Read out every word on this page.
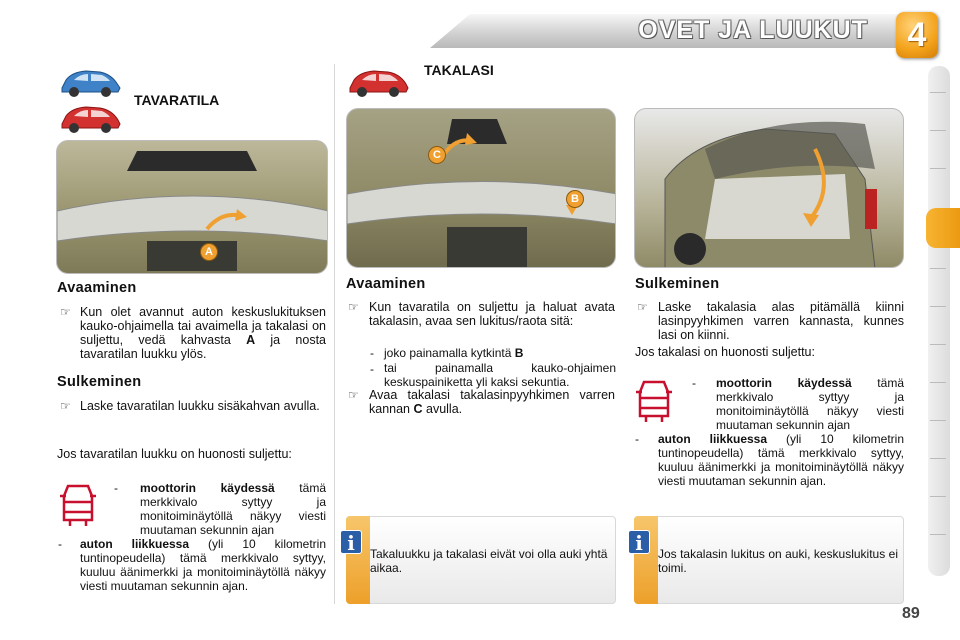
OVET JA LUUKUT	4
TAVARATILA
A
Avaaminen
☞ Kun olet avannut auton keskuslukituksen kauko-ohjaimella tai avaimella ja takalasi on suljettu, vedä kahvasta A ja nosta tavaratilan luukku ylös.
Sulkeminen
☞ Laske tavaratilan luukku sisäkahvan avulla.
Jos tavaratilan luukku on huonosti suljettu:
-	moottorin käydessä tämä merkkivalo syttyy ja monitoiminäytöllä näkyy viesti muutaman sekunnin ajan
-	auton liikkuessa (yli 10 kilometrin tuntinopeudella) tämä merkkivalo syttyy, kuuluu äänimerkki ja monitoiminäytöllä näkyy viesti muutaman sekunnin ajan.
TAKALASI
C
B
Avaaminen
☞ Kun tavaratila on suljettu ja haluat avata takalasin, avaa sen lukitus/raota sitä:
- joko painamalla kytkintä B
- tai painamalla kauko-ohjaimen keskuspainiketta yli kaksi sekuntia.
☞ Avaa takalasi takalasinpyyhkimen varren kannan C avulla.
i	Takaluukku ja takalasi eivät voi olla auki yhtä aikaa.
Sulkeminen
☞ Laske takalasia alas pitämällä kiinni lasinpyyhkimen varren kannasta, kunnes lasi on kiinni.
Jos takalasi on huonosti suljettu:
-	moottorin käydessä tämä merkkivalo syttyy ja monitoiminäytöllä näkyy viesti muutaman sekunnin ajan
-	auton liikkuessa (yli 10 kilometrin tuntinopeudella) tämä merkkivalo syttyy, kuuluu äänimerkki ja monitoiminäytöllä näkyy viesti muutaman sekunnin ajan.
i	Jos takalasin lukitus on auki, keskuslukitus ei toimi.
89
